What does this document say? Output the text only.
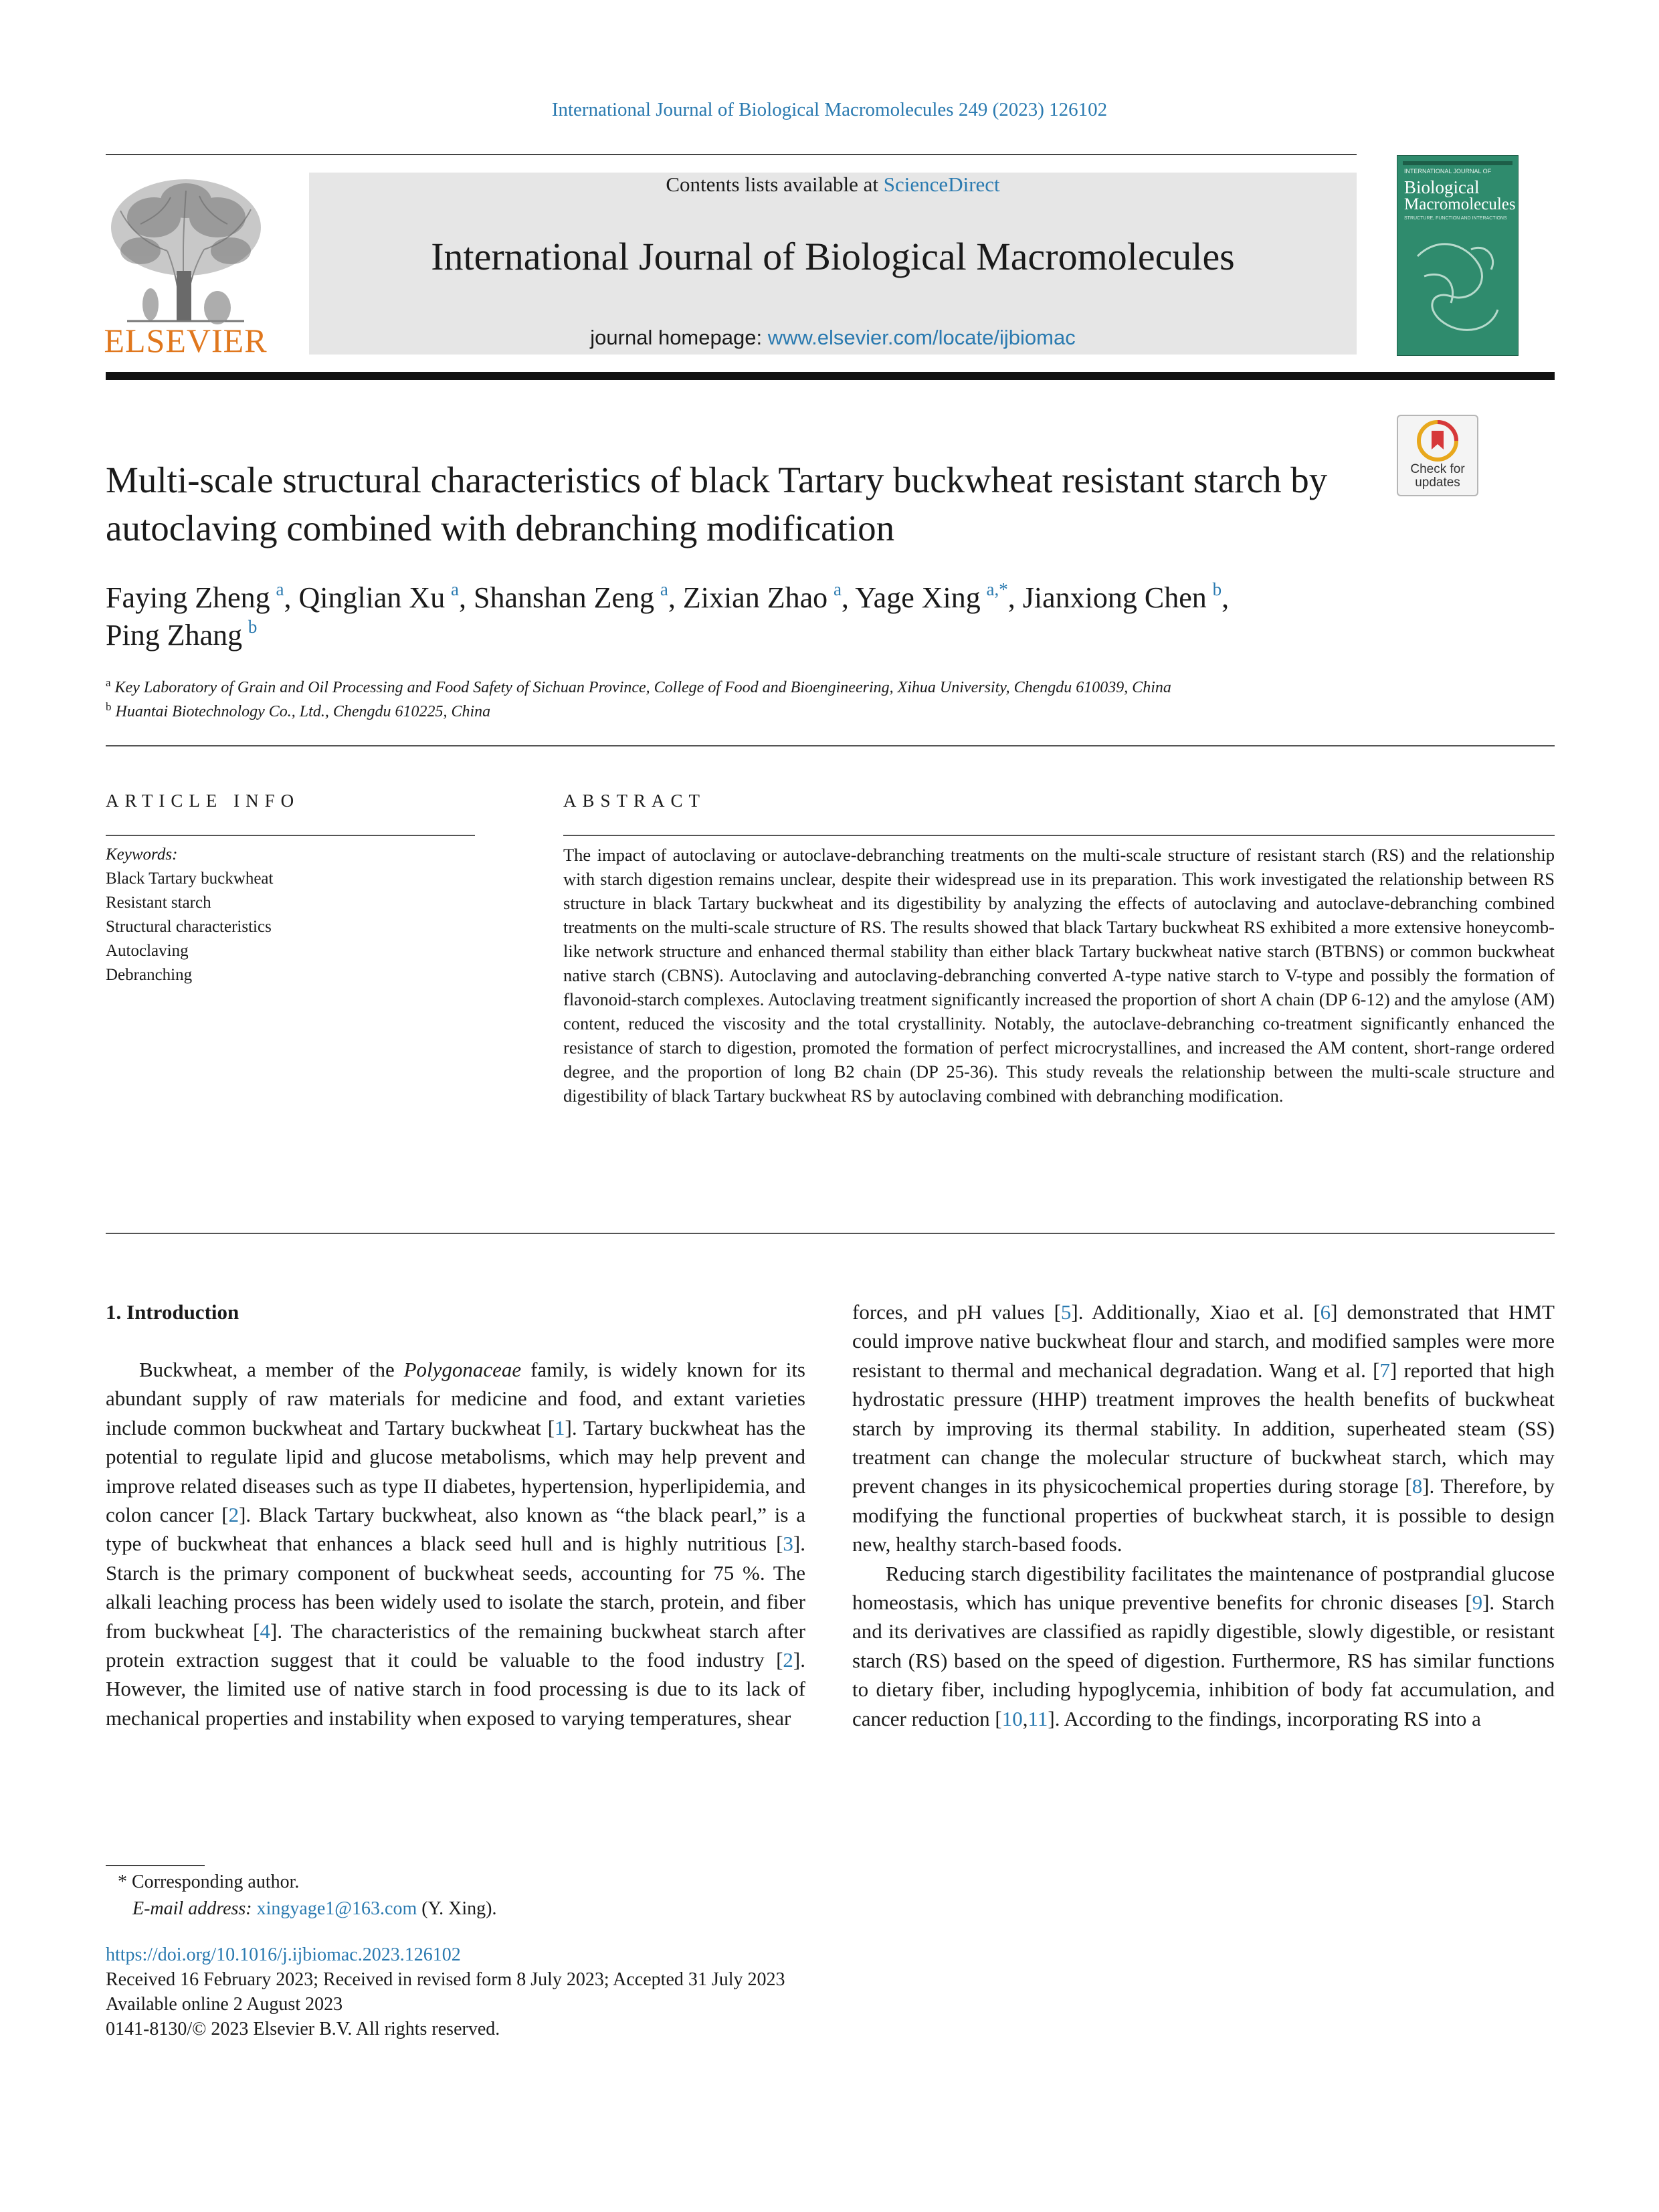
International Journal of Biological Macromolecules 249 (2023) 126102
ELSEVIER
Contents lists available at ScienceDirect
International Journal of Biological Macromolecules
journal homepage: www.elsevier.com/locate/ijbiomac
INTERNATIONAL JOURNAL OF
Biological
Macromolecules
STRUCTURE, FUNCTION AND INTERACTIONS
Multi-scale structural characteristics of black Tartary buckwheat resistant starch by autoclaving combined with debranching modification
Check for
updates
Faying Zheng  $^a$, Qinglian Xu  $^a$, Shanshan Zeng  $^a$, Zixian Zhao  $^a$, Yage Xing  $^{a,*}$, Jianxiong Chen  $^b$,
Ping Zhang  $^b$
$^a$ Key Laboratory of Grain and Oil Processing and Food Safety of Sichuan Province, College of Food and Bioengineering, Xihua University, Chengdu 610039, China
$^b$ Huantai Biotechnology Co., Ltd., Chengdu 610225, China
ARTICLE INFO	ABSTRACT
Keywords:
Black Tartary buckwheat
Resistant starch
Structural characteristics
Autoclaving
Debranching
The impact of autoclaving or autoclave-debranching treatments on the multi-scale structure of resistant starch (RS) and the relationship with starch digestion remains unclear, despite their widespread use in its preparation. This work investigated the relationship between RS structure in black Tartary buckwheat and its digestibility by analyzing the effects of autoclaving and autoclave-debranching combined treatments on the multi-scale structure of RS. The results showed that black Tartary buckwheat RS exhibited a more extensive honeycomb-like network structure and enhanced thermal stability than either black Tartary buckwheat native starch (BTBNS) or common buckwheat native starch (CBNS). Autoclaving and autoclaving-debranching converted A-type native starch to V-type and possibly the formation of flavonoid-starch complexes. Autoclaving treatment significantly increased the proportion of short A chain (DP 6-12) and the amylose (AM) content, reduced the viscosity and the total crystallinity. Notably, the autoclave-debranching co-treatment significantly enhanced the resistance of starch to digestion, promoted the formation of perfect microcrystallines, and increased the AM content, short-range ordered degree, and the proportion of long B2 chain (DP 25-36). This study reveals the relationship between the multi-scale structure and digestibility of black Tartary buckwheat RS by autoclaving combined with debranching modification.
1. Introduction

Buckwheat, a member of the Polygonaceae family, is widely known for its abundant supply of raw materials for medicine and food, and extant varieties include common buckwheat and Tartary buckwheat [1]. Tartary buckwheat has the potential to regulate lipid and glucose metabolisms, which may help prevent and improve related diseases such as type II diabetes, hypertension, hyperlipidemia, and colon cancer [2]. Black Tartary buckwheat, also known as “the black pearl,” is a type of buckwheat that enhances a black seed hull and is highly nutritious [3]. Starch is the primary component of buckwheat seeds, accounting for 75 %. The alkali leaching process has been widely used to isolate the starch, protein, and fiber from buckwheat [4]. The characteristics of the remaining buckwheat starch after protein extraction suggest that it could be valuable to the food industry [2]. However, the limited use of native starch in food processing is due to its lack of mechanical properties and instability when exposed to varying temperatures, shear

forces, and pH values [5]. Additionally, Xiao et al. [6] demonstrated that HMT could improve native buckwheat flour and starch, and modified samples were more resistant to thermal and mechanical degradation. Wang et al. [7] reported that high hydrostatic pressure (HHP) treatment improves the health benefits of buckwheat starch by improving its thermal stability. In addition, superheated steam (SS) treatment can change the molecular structure of buckwheat starch, which may prevent changes in its physicochemical properties during storage [8]. Therefore, by modifying the functional properties of buckwheat starch, it is possible to design new, healthy starch-based foods.

Reducing starch digestibility facilitates the maintenance of postprandial glucose homeostasis, which has unique preventive benefits for chronic diseases [9]. Starch and its derivatives are classified as rapidly digestible, slowly digestible, or resistant starch (RS) based on the speed of digestion. Furthermore, RS has similar functions to dietary fiber, including hypoglycemia, inhibition of body fat accumulation, and cancer reduction [10,11]. According to the findings, incorporating RS into a

* Corresponding author.
E-mail address: xingyage1@163.com (Y. Xing).
https://doi.org/10.1016/j.ijbiomac.2023.126102
Received 16 February 2023; Received in revised form 8 July 2023; Accepted 31 July 2023
Available online 2 August 2023
0141-8130/© 2023 Elsevier B.V. All rights reserved.
